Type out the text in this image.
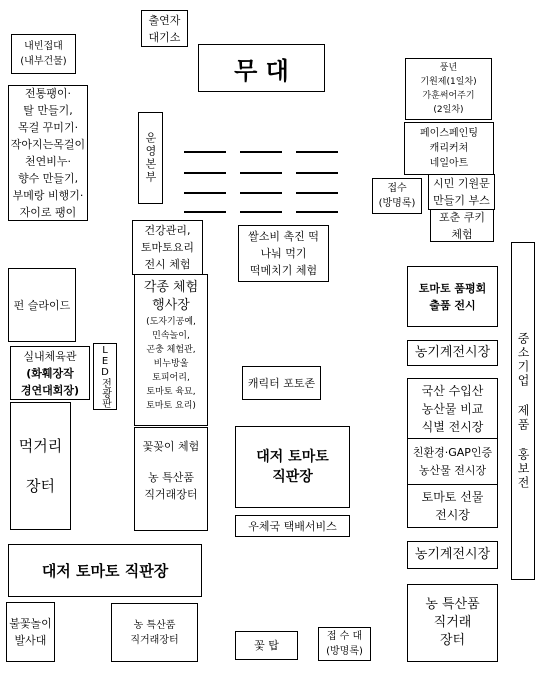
출연자
대기소
내빈접대
(내부건물)	무 대	풍년
기원제(1일차)
가훈써어주기
(2일차)
전통팽이·
탈 만들기,
목걸 꾸미기·
작아지는목걸이
천연비누·
향수 만들기,
부메랑 비행기·
자이로 팽이
페이스페인팅
캐리커쳐
네일아트
운영본부
접수
(방명록)
시민 기원문
만들기 부스
포춘 쿠키
체험
건강관리,
토마토요리
전시 체험
쌀소비 촉진 떡
나눠 먹기
떡메치기 체험
토마토 품평회
출품 전시
중소기업 제품 홍보전
각종 체험
행사장
(도자기공예,
민속놀이,
곤충 체험관,
비누방울
토피어리,
토마토 육묘,
토마토 요리)
펀 슬라이드
농기계전시장
실내체육관
(화훼장작
경연대회장) LED전광판	캐릭터 포토존
국산 수입산
농산물 비교
식별 전시장
친환경·GAP인증
농산물 전시장
토마토 선물
전시장
먹거리
장터
꽃꽂이 체험
농 특산품
직거래장터
대저 토마토
직판장
우체국 택배서비스
농기계전시장
대저 토마토 직판장
농 특산품
직거래
장터
불꽃놀이
발사대
농 특산품
직거래장터	꽃 탑
접 수 대
(방명록)
